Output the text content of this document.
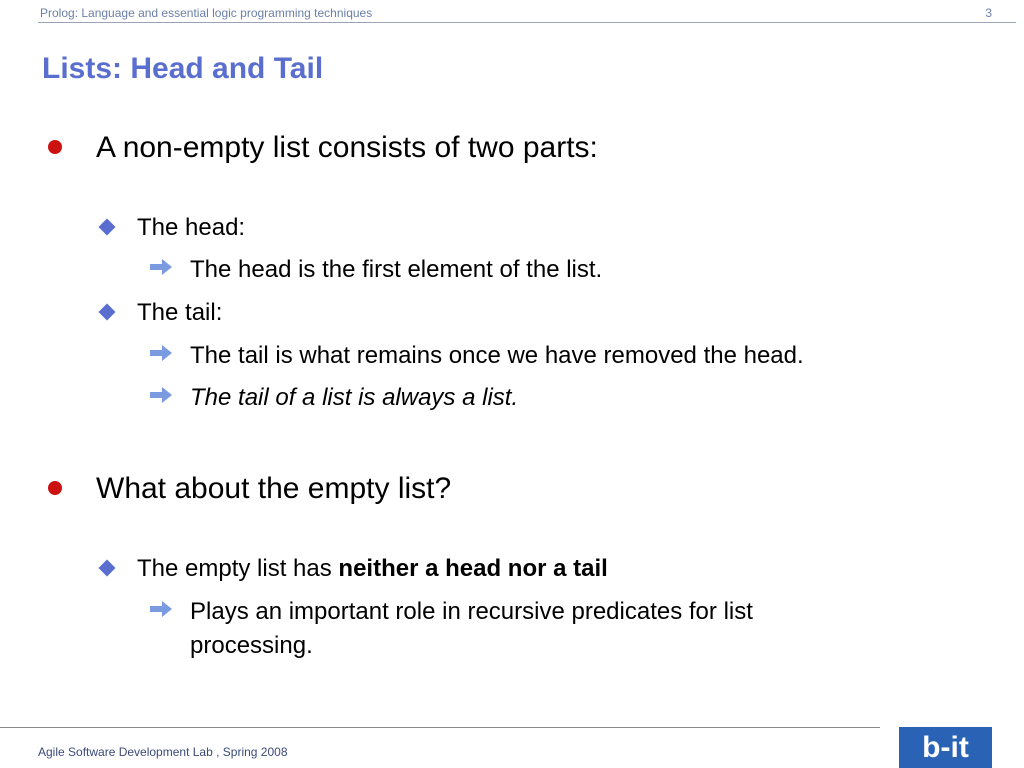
Prolog: Language and essential logic programming techniques	3
Lists: Head and Tail
A non-empty list consists of two parts:
The head:
The head is the first element of the list.
The tail:
The tail is what remains once we have removed the head.
The tail of a list is always a list.
What about the empty list?
The empty list has neither a head nor a tail
Plays an important role in recursive predicates for list
processing.
Agile Software Development Lab , Spring 2008	b-it
